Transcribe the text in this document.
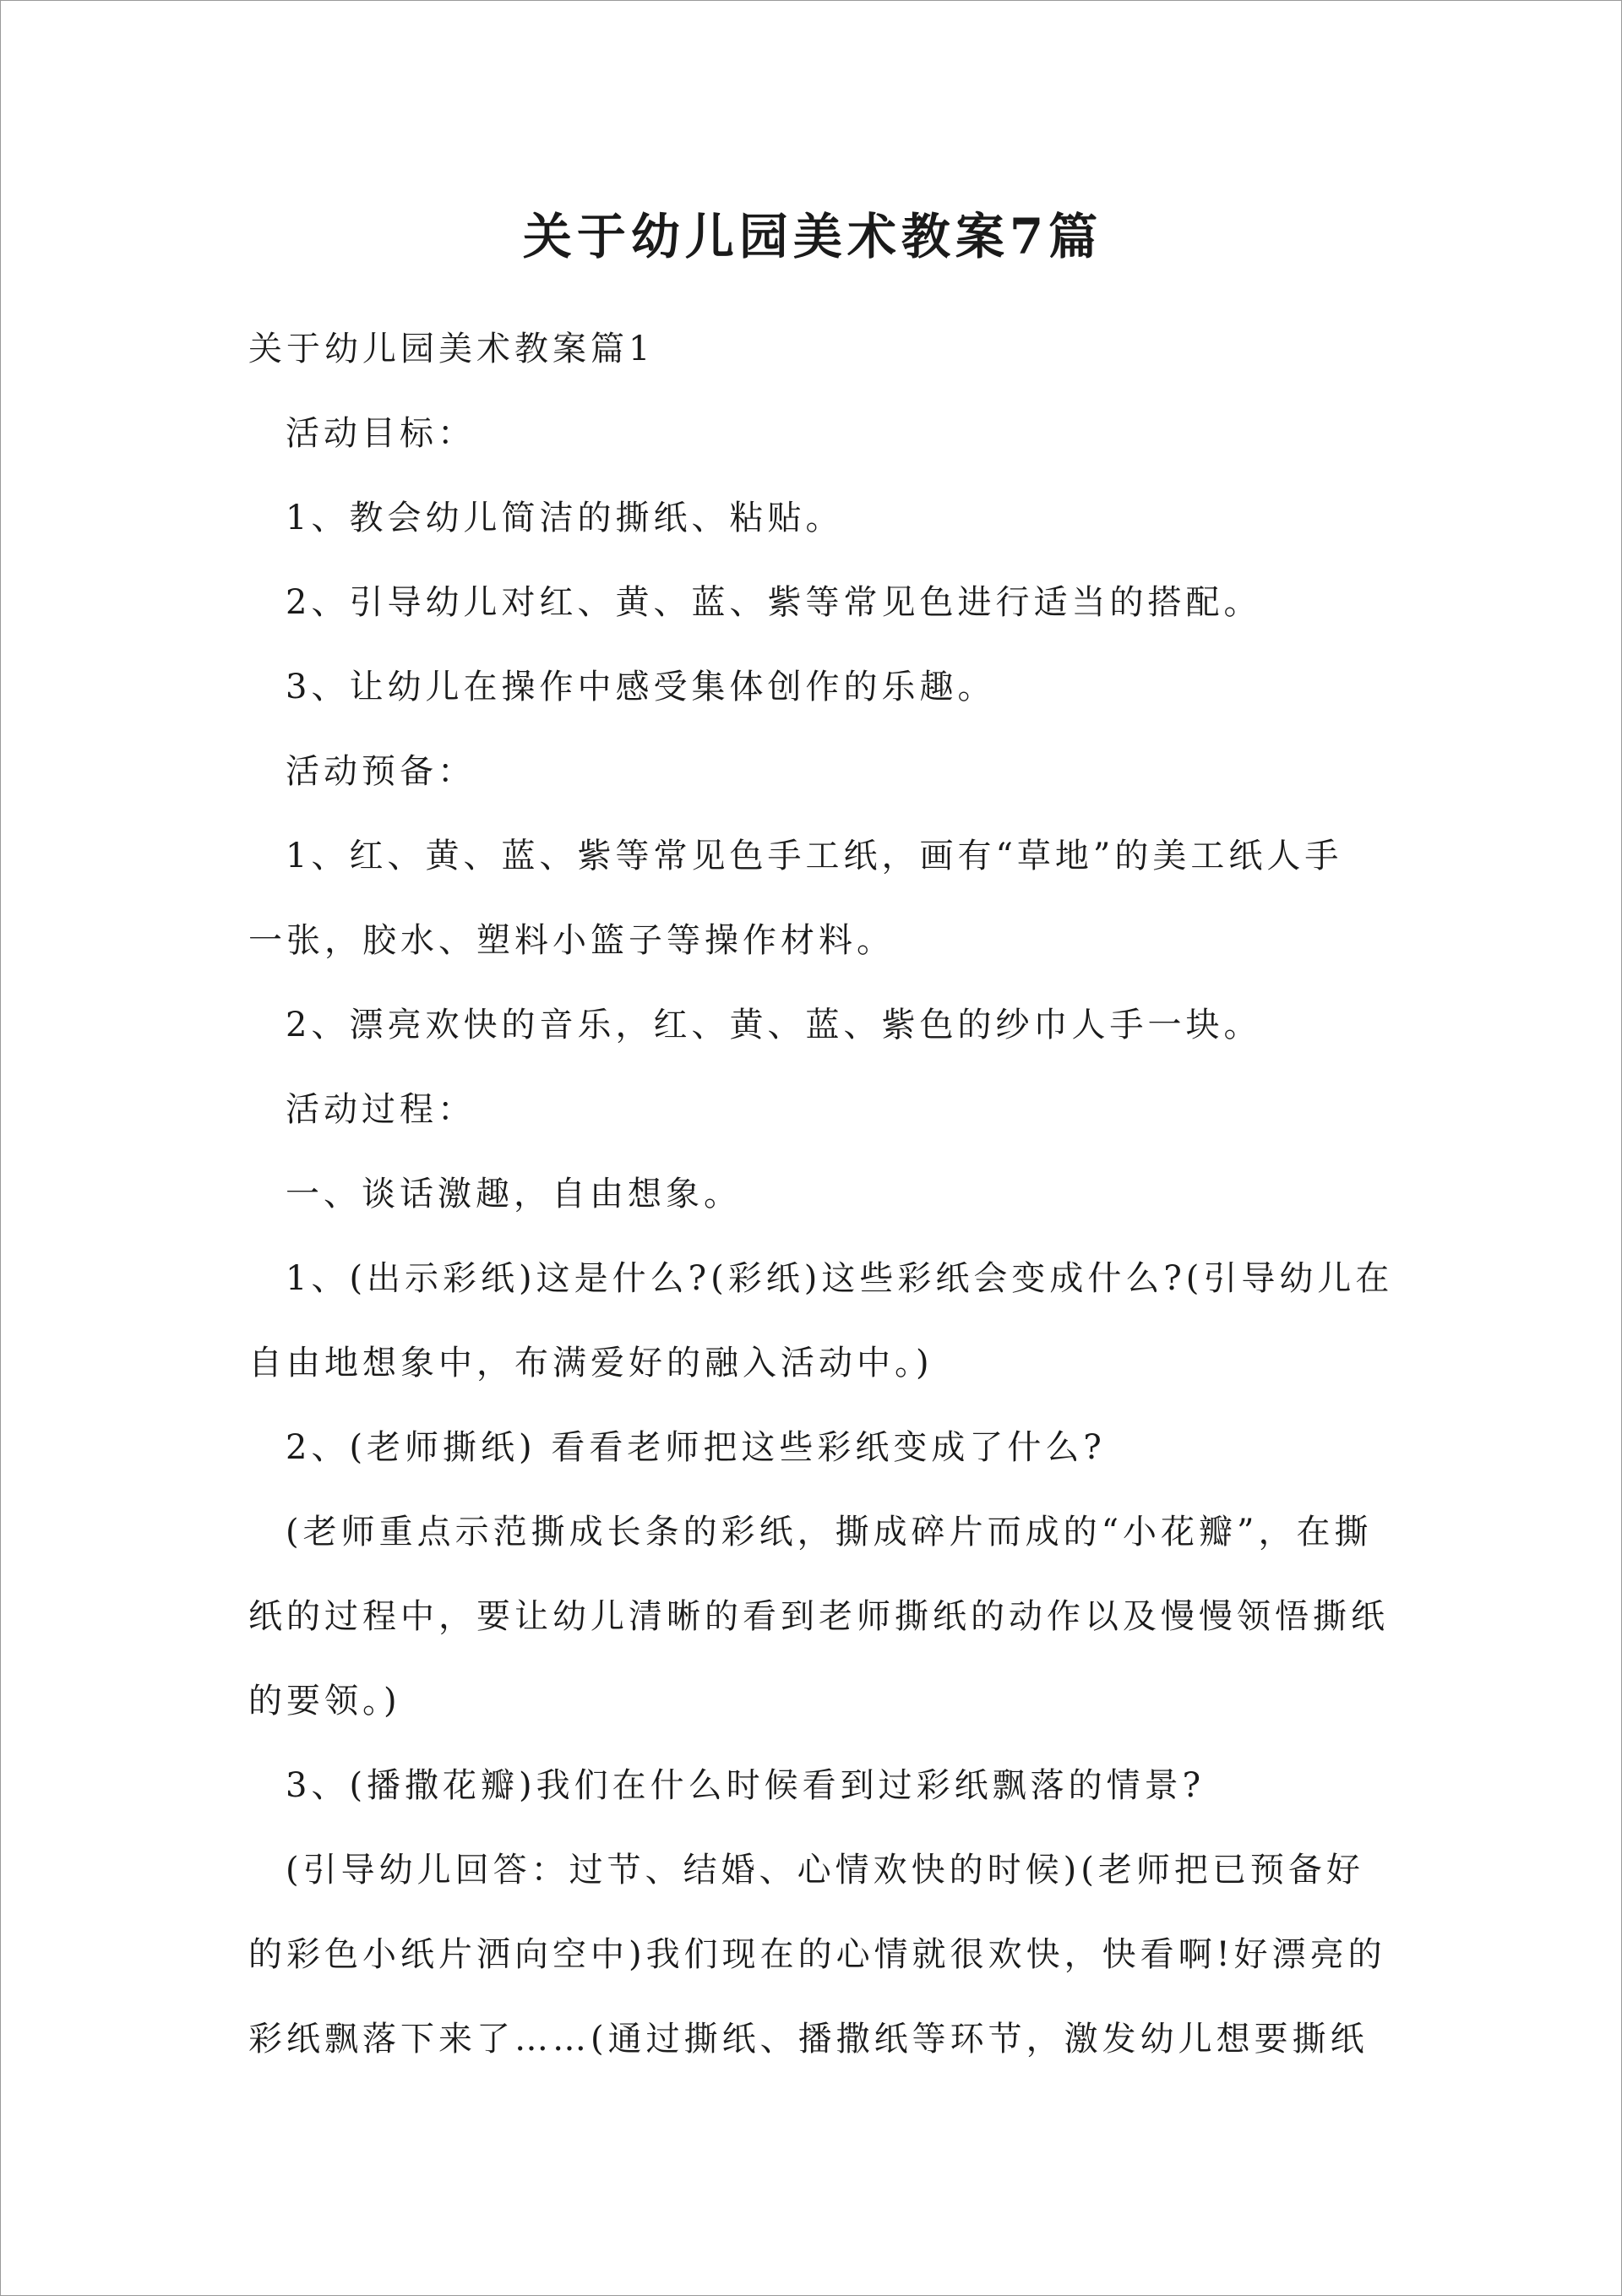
关于幼儿园美术教案7篇
关于幼儿园美术教案篇1
活动目标：
1、教会幼儿简洁的撕纸、粘贴。
2、引导幼儿对红、黄、蓝、紫等常见色进行适当的搭配。
3、让幼儿在操作中感受集体创作的乐趣。
活动预备：
1、红、黄、蓝、紫等常见色手工纸，画有“草地”的美工纸人手
一张，胶水、塑料小篮子等操作材料。
2、漂亮欢快的音乐，红、黄、蓝、紫色的纱巾人手一块。
活动过程：
一、谈话激趣，自由想象。
1、(出示彩纸)这是什么?(彩纸)这些彩纸会变成什么?(引导幼儿在
自由地想象中，布满爱好的融入活动中。)
2、(老师撕纸) 看看老师把这些彩纸变成了什么?
(老师重点示范撕成长条的彩纸，撕成碎片而成的“小花瓣”，在撕
纸的过程中，要让幼儿清晰的看到老师撕纸的动作以及慢慢领悟撕纸
的要领。)
3、(播撒花瓣)我们在什么时候看到过彩纸飘落的情景?
(引导幼儿回答：过节、结婚、心情欢快的时候)(老师把已预备好
的彩色小纸片洒向空中)我们现在的心情就很欢快，快看啊!好漂亮的
彩纸飘落下来了……(通过撕纸、播撒纸等环节，激发幼儿想要撕纸
